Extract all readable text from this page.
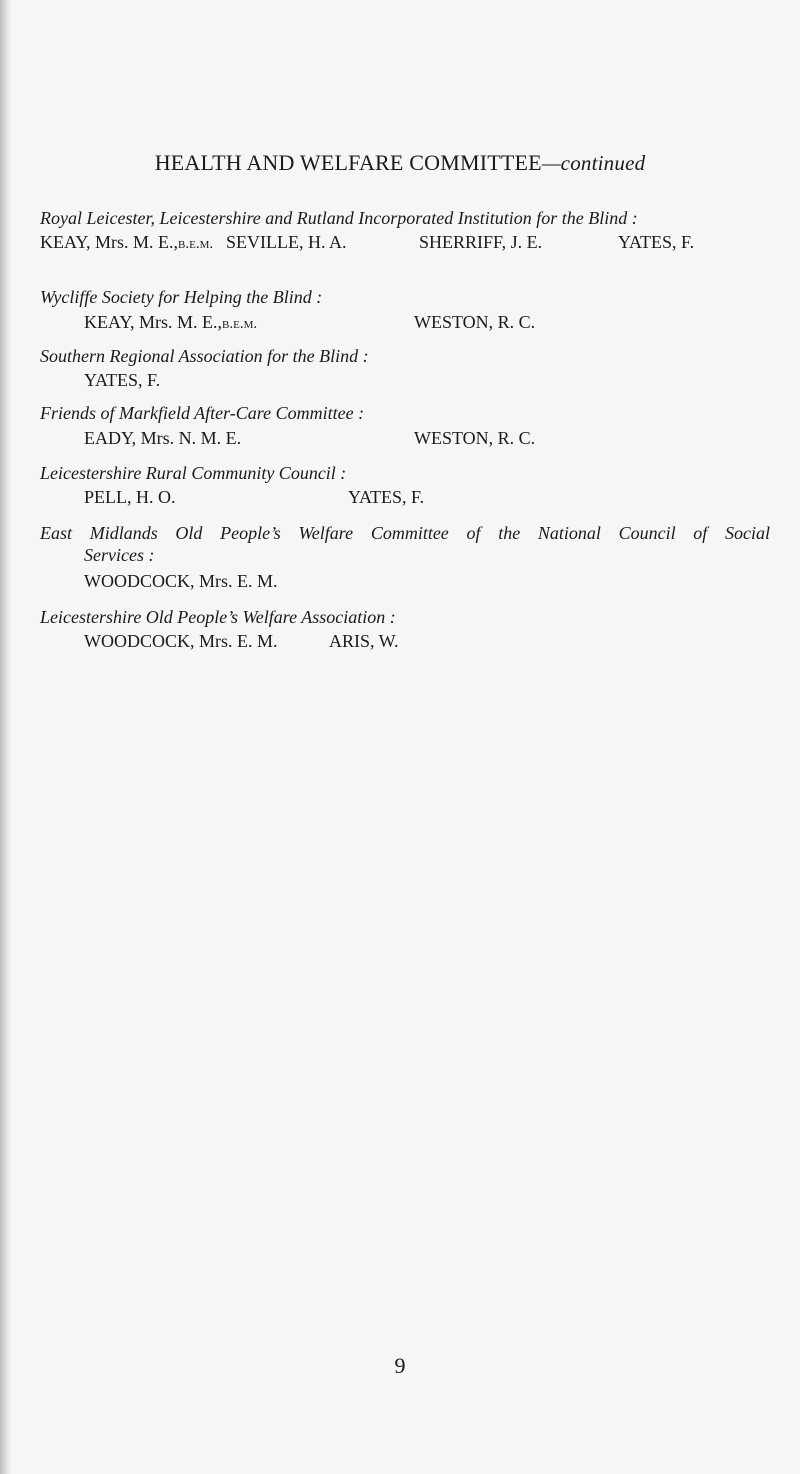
HEALTH AND WELFARE COMMITTEE—continued
Royal Leicester, Leicestershire and Rutland Incorporated Institution for the Blind :
KEAY, Mrs. M. E.,b.e.m. SEVILLE, H. A.	SHERRIFF, J. E.	YATES, F.
Wycliffe Society for Helping the Blind :
KEAY, Mrs. M. E.,b.e.m.	WESTON, R. C.
Southern Regional Association for the Blind :
YATES, F.
Friends of Markfield After-Care Committee :
EADY, Mrs. N. M. E.	WESTON, R. C.
Leicestershire Rural Community Council :
PELL, H. O.	YATES, F.
East Midlands Old People’s Welfare Committee of the National Council of Social
Services :
WOODCOCK, Mrs. E. M.
Leicestershire Old People’s Welfare Association :
WOODCOCK, Mrs. E. M.	ARIS, W.
9
